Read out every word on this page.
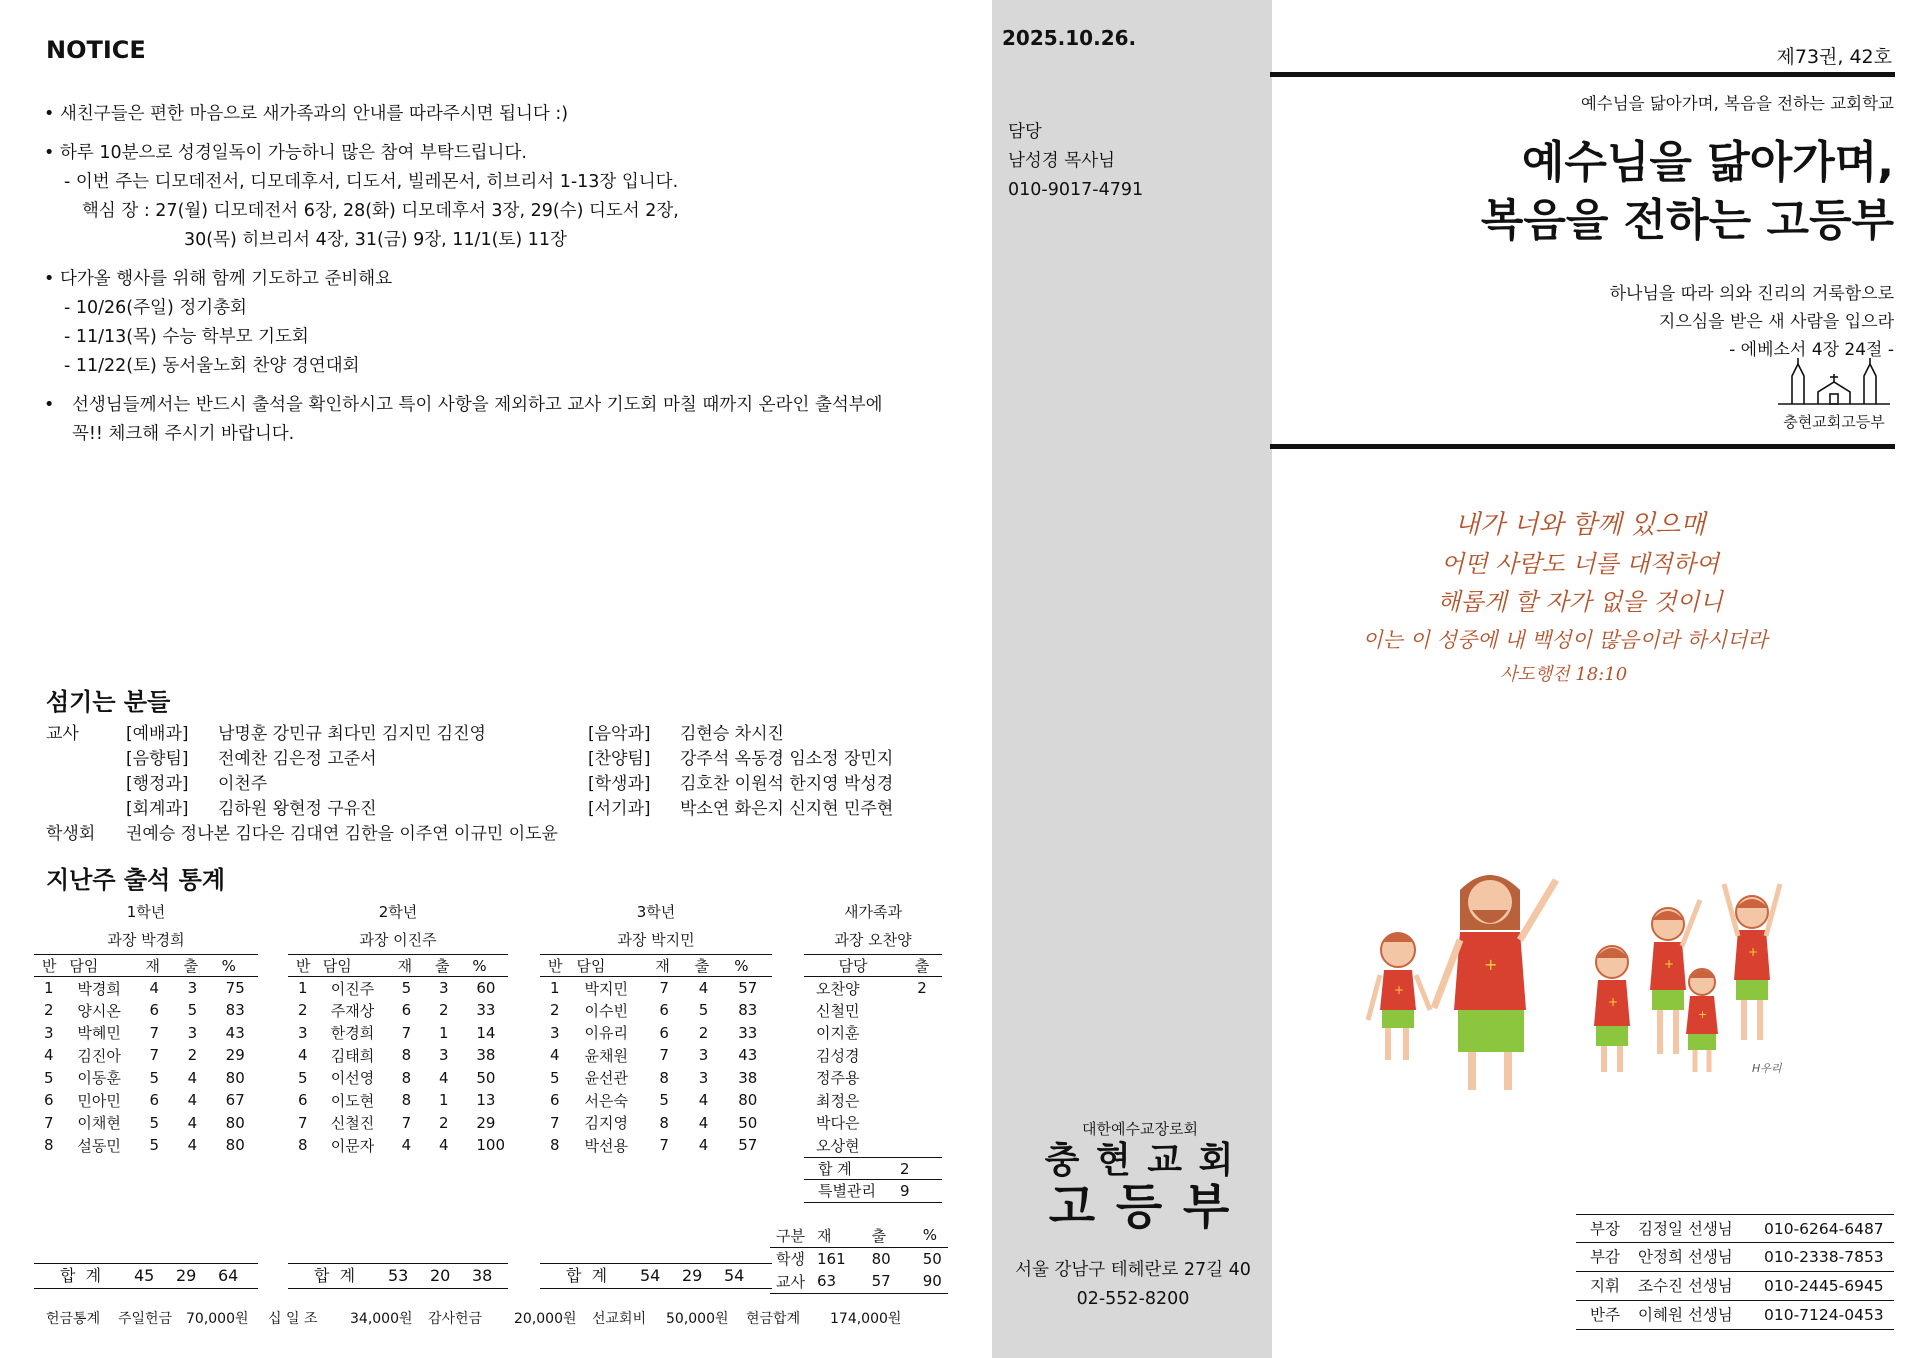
NOTICE
• 새친구들은 편한 마음으로 새가족과의 안내를 따라주시면 됩니다 :)
• 하루 10분으로 성경일독이 가능하니 많은 참여 부탁드립니다.
- 이번 주는 디모데전서, 디모데후서, 디도서, 빌레몬서, 히브리서 1-13장 입니다.
핵심 장 : 27(월) 디모데전서 6장, 28(화) 디모데후서 3장, 29(수) 디도서 2장,
30(목) 히브리서 4장, 31(금) 9장, 11/1(토) 11장
• 다가올 행사를 위해 함께 기도하고 준비해요
- 10/26(주일) 정기총회
- 11/13(목) 수능 학부모 기도회
- 11/22(토) 동서울노회 찬양 경연대회
• 선생님들께서는 반드시 출석을 확인하시고 특이 사항을 제외하고 교사 기도회 마칠 때까지 온라인 출석부에
꼭!! 체크해 주시기 바랍니다.
섬기는 분들
교사	[예배과]	남명훈 강민규 최다민 김지민 김진영	[음악과]	김현승 차시진
[음향팀]	전예찬 김은정 고준서	[찬양팀]	강주석 옥동경 임소정 장민지
[행정과]	이천주	[학생과]	김호찬 이원석 한지영 박성경
[회계과]	김하원 왕현정 구유진	[서기과]	박소연 화은지 신지현 민주현
학생회	권예승 정나본 김다은 김대연 김한을 이주연 이규민 이도윤
지난주 출석 통계
1학년
과장 박경희
반	담임	재	출	%
1	박경희	4	3	75
2	양시온	6	5	83
3	박혜민	7	3	43
4	김진아	7	2	29
5	이동훈	5	4	80
6	민아민	6	4	67
7	이채현	5	4	80
8	설동민	5	4	80
합  계	45	29	64
2학년
과장 이진주
반	담임	재	출	%
1	이진주	5	3	60
2	주재상	6	2	33
3	한경희	7	1	14
4	김태희	8	3	38
5	이선영	8	4	50
6	이도현	8	1	13
7	신철진	7	2	29
8	이문자	4	4	100
합  계	53	20	38
3학년
과장 박지민
반	담임	재	출	%
1	박지민	7	4	57
2	이수빈	6	5	83
3	이유리	6	2	33
4	윤채원	7	3	43
5	윤선관	8	3	38
6	서은숙	5	4	80
7	김지영	8	4	50
8	박선용	7	4	57
합  계	54	29	54
새가족과
과장 오찬양
담당	출
오찬양	2
신철민	
이지훈	
김성경	
정주용	
최정은	
박다은	
오상현	
합 계	2
특별관리	9
구분	재	출	%
학생	161	80	50
교사	63	57	90
헌금통계	주일헌금 70,000원	십 일 조	34,000원	감사헌금	20,000원	선교회비	50,000원	현금합계	174,000원
2025.10.26.
담당
남성경 목사님
010-9017-4791
대한예수교장로회
충 현 교 회
고 등 부
서울 강남구 테헤란로 27길 40
02-552-8200
제73권, 42호
예수님을 닮아가며, 복음을 전하는 교회학교
예수님을 닮아가며,
복음을 전하는 고등부
하나님을 따라 의와 진리의 거룩함으로
지으심을 받은 새 사람을 입으라
- 에베소서 4장 24절 -
충현교회고등부
내가 너와 함께 있으매
어떤 사람도 너를 대적하여
해롭게 할 자가 없을 것이니
이는 이 성중에 내 백성이 많음이라 하시더라
사도행전 18:10
+
+
+
+
+
+
H우리
부장	김정일 선생님	010-6264-6487
부감	안정희 선생님	010-2338-7853
지휘	조수진 선생님	010-2445-6945
반주	이혜원 선생님	010-7124-0453
